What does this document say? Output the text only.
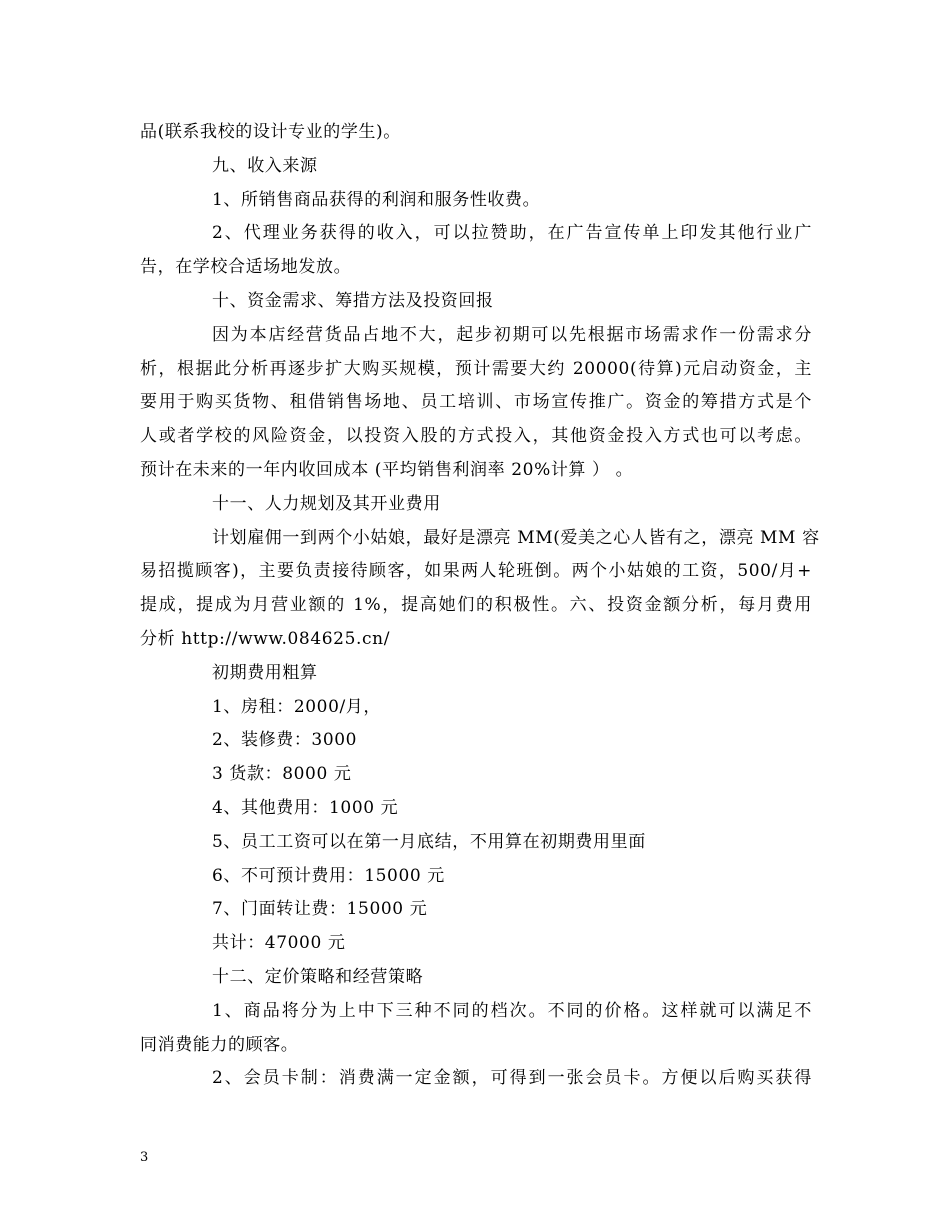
品(联系我校的设计专业的学生)。
九、收入来源
1、所销售商品获得的利润和服务性收费。
2、代理业务获得的收入，可以拉赞助，在广告宣传单上印发其他行业广
告，在学校合适场地发放。
十、资金需求、筹措方法及投资回报
因为本店经营货品占地不大，起步初期可以先根据市场需求作一份需求分
析，根据此分析再逐步扩大购买规模，预计需要大约 20000(待算)元启动资金，主
要用于购买货物、租借销售场地、员工培训、市场宣传推广。资金的筹措方式是个
人或者学校的风险资金，以投资入股的方式投入，其他资金投入方式也可以考虑。
预计在未来的一年内收回成本 (平均销售利润率 20%计算 ） 。
十一、人力规划及其开业费用
计划雇佣一到两个小姑娘，最好是漂亮 MM(爱美之心人皆有之，漂亮 MM 容
易招揽顾客)，主要负责接待顾客，如果两人轮班倒。两个小姑娘的工资，500/月+
提成，提成为月营业额的 1%，提高她们的积极性。六、投资金额分析，每月费用
分析 http://www.084625.cn/
初期费用粗算
1、房租：2000/月，
2、装修费：3000
3 货款：8000 元
4、其他费用：1000 元
5、员工工资可以在第一月底结，不用算在初期费用里面
6、不可预计费用：15000 元
7、门面转让费：15000 元
共计：47000 元
十二、定价策略和经营策略
1、商品将分为上中下三种不同的档次。不同的价格。这样就可以满足不
同消费能力的顾客。
2、会员卡制：消费满一定金额，可得到一张会员卡。方便以后购买获得
3
